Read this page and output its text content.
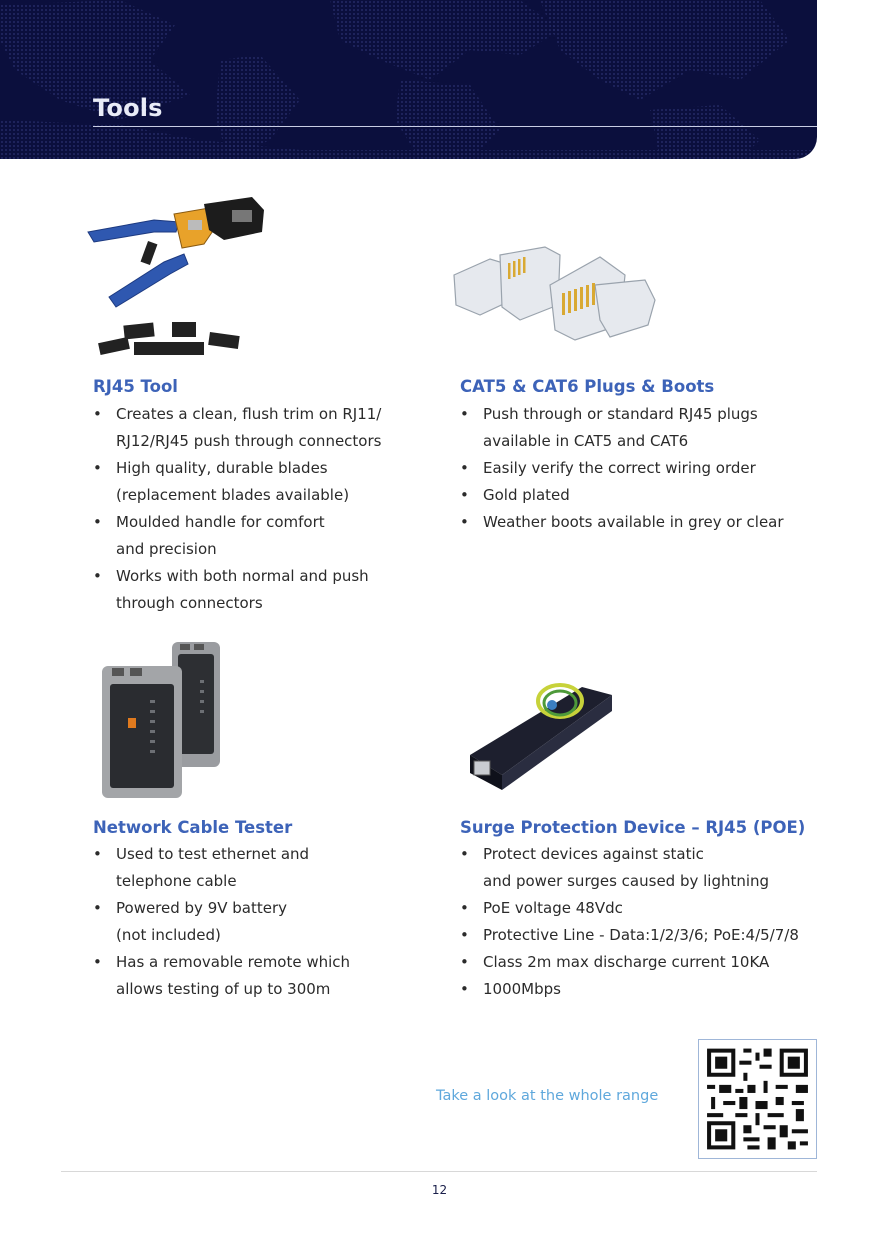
Tools
RJ45 Tool
• Creates a clean, flush trim on RJ11/
RJ12/RJ45 push through connectors
• High quality, durable blades
(replacement blades available)
• Moulded handle for comfort
and precision
• Works with both normal and push
through connectors
CAT5 & CAT6 Plugs & Boots
• Push through or standard RJ45 plugs
available in CAT5 and CAT6
• Easily verify the correct wiring order
• Gold plated
• Weather boots available in grey or clear
Network Cable Tester
• Used to test ethernet and
telephone cable
• Powered by 9V battery
(not included)
• Has a removable remote which
allows testing of up to 300m
Surge Protection Device – RJ45 (POE)
• Protect devices against static
and power surges caused by lightning
• PoE voltage 48Vdc
• Protective Line - Data:1/2/3/6; PoE:4/5/7/8
• Class 2m max discharge current 10KA
• 1000Mbps
Take a look at the whole range
12
